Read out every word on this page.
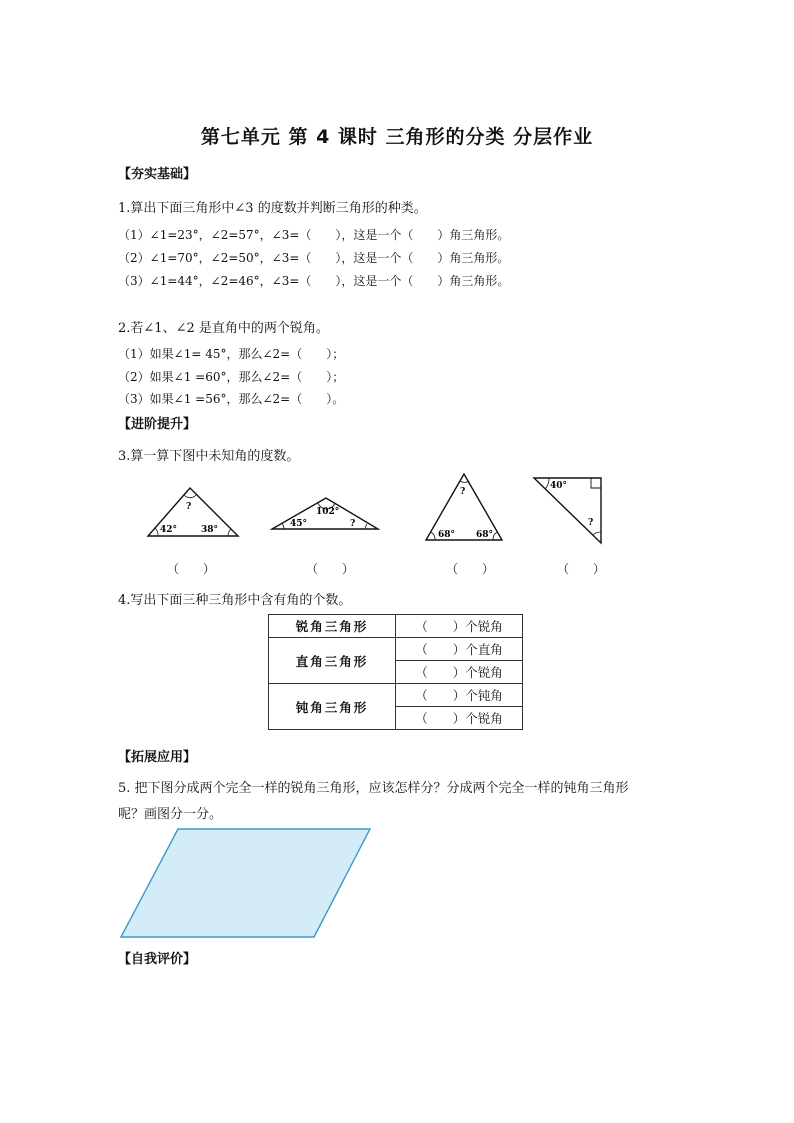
第七单元 第 4 课时 三角形的分类 分层作业
【夯实基础】
1.算出下面三角形中∠3 的度数并判断三角形的种类。
（1）∠1=23°，∠2=57°，∠3=（　　），这是一个（　　）角三角形。
（2）∠1=70°，∠2=50°，∠3=（　　），这是一个（　　）角三角形。
（3）∠1=44°，∠2=46°，∠3=（　　），这是一个（　　）角三角形。
2.若∠1、∠2 是直角中的两个锐角。
（1）如果∠1= 45°，那么∠2=（　　）；
（2）如果∠1 =60°，那么∠2=（　　）；
（3）如果∠1 =56°，那么∠2=（　　）。
【进阶提升】
3.算一算下图中未知角的度数。
?
42°	38°
102°
45°	?
?
68° 68°
40°
?
（　　）	（　　）	（　　）	（　　）
4.写出下面三种三角形中含有角的个数。
锐角三角形	（　　）个锐角
直角三角形	（　　）个直角
	（　　）个锐角
钝角三角形	（　　）个钝角
	（　　）个锐角
【拓展应用】
5. 把下图分成两个完全一样的锐角三角形，应该怎样分？分成两个完全一样的钝角三角形
呢？画图分一分。
【自我评价】
